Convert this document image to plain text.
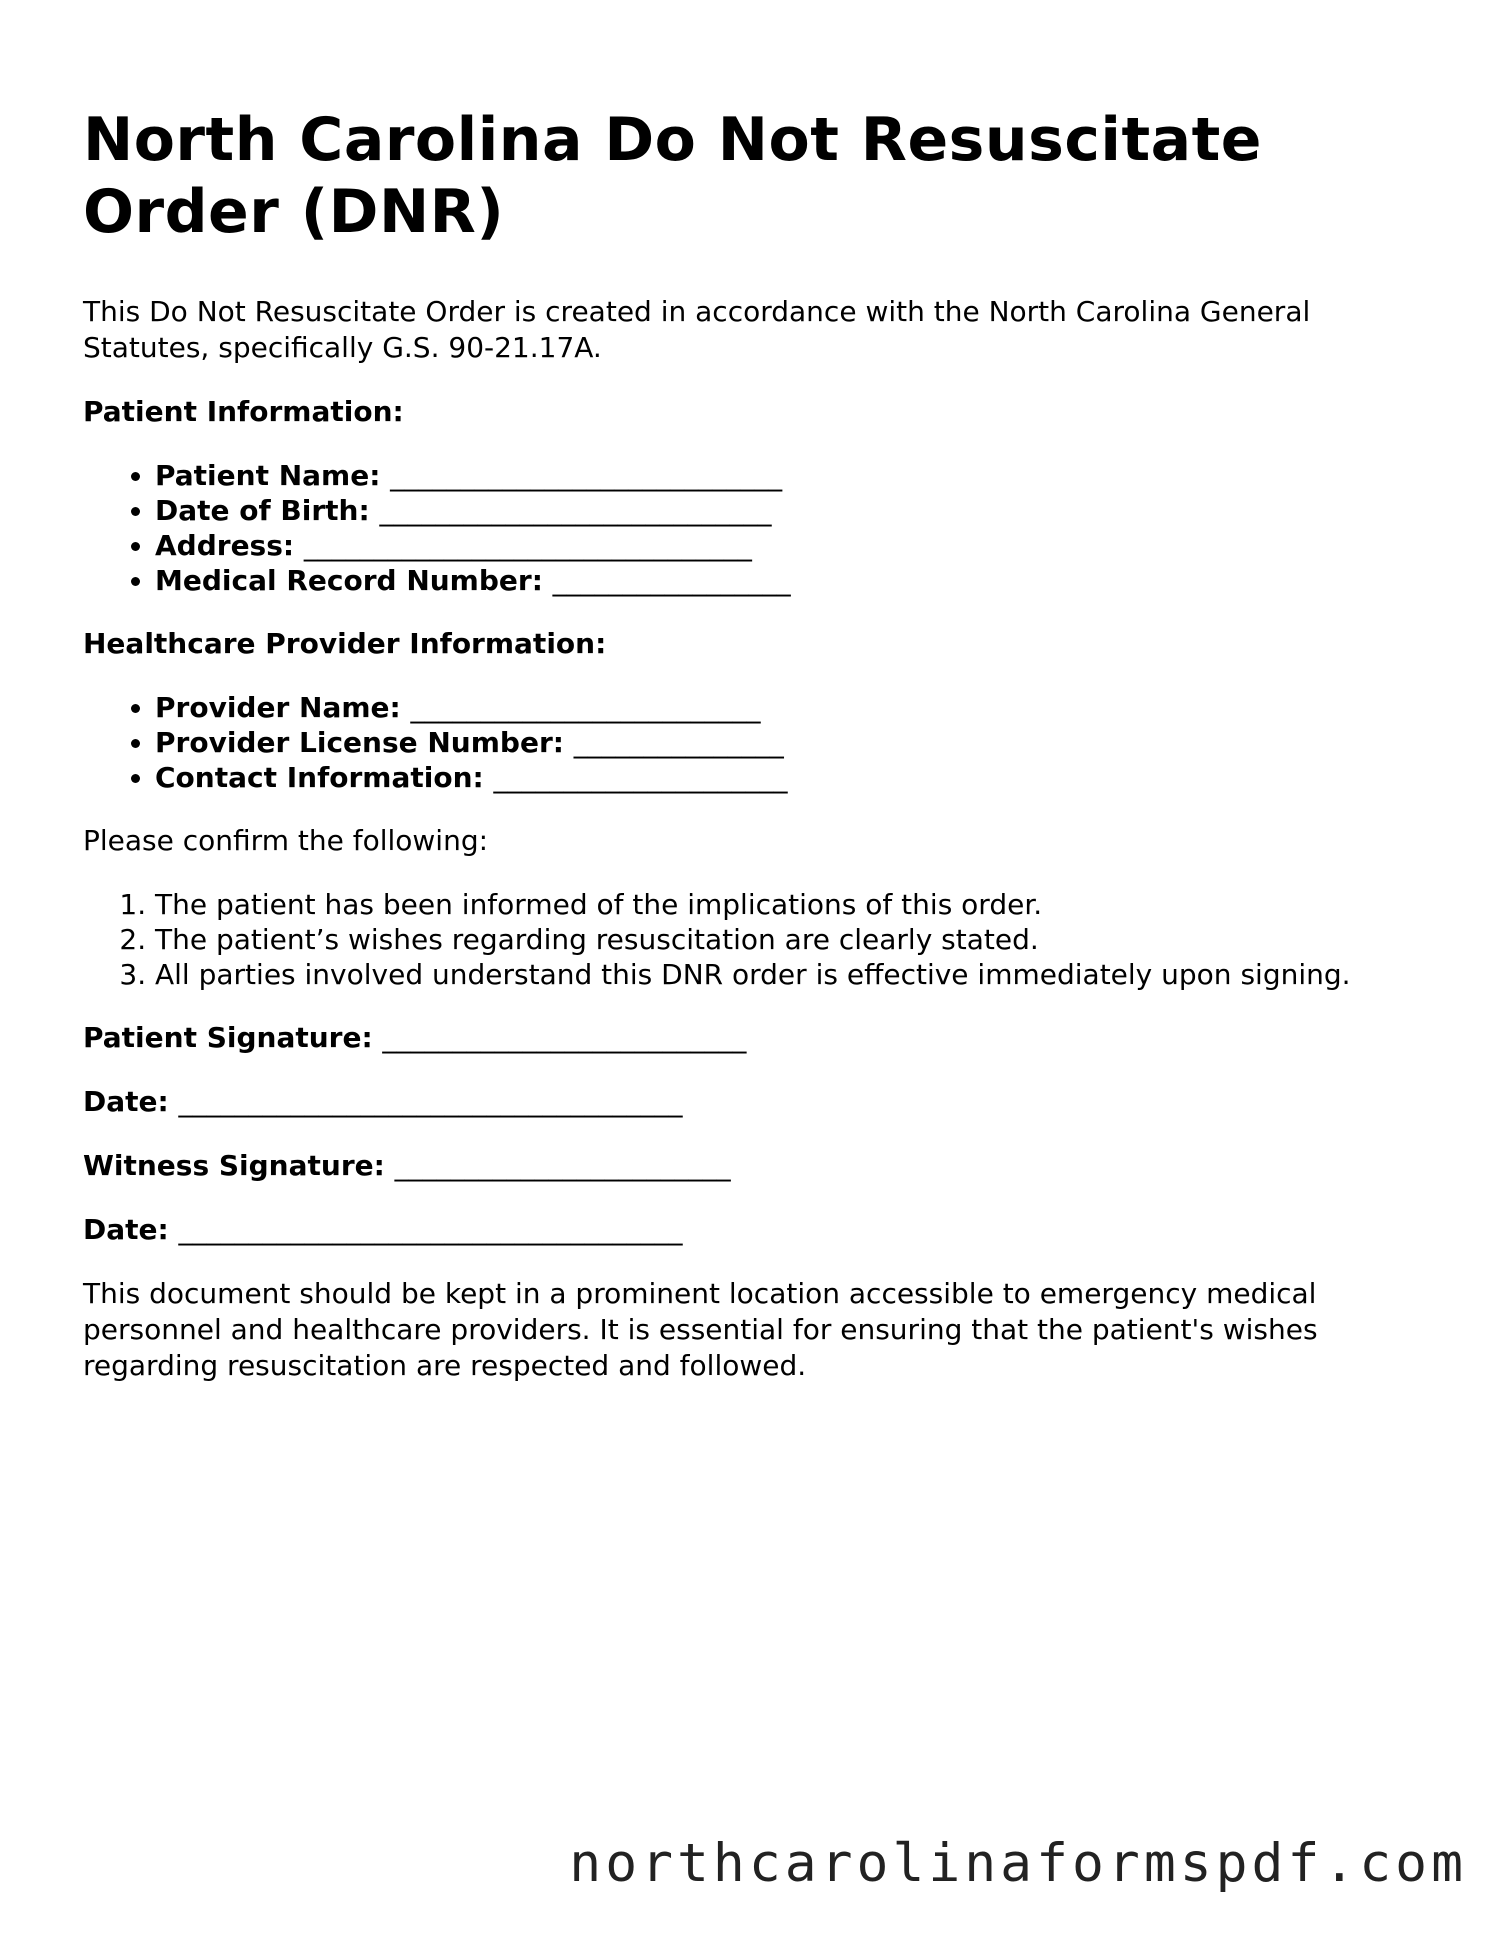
North Carolina Do Not Resuscitate Order (DNR)

This Do Not Resuscitate Order is created in accordance with the North Carolina General Statutes, specifically G.S. 90-21.17A.

Patient Information:
• Patient Name: ____________________________
• Date of Birth: ____________________________
• Address: ________________________________
• Medical Record Number: _________________
Healthcare Provider Information:
• Provider Name: _________________________
• Provider License Number: _______________
• Contact Information: _____________________

Please confirm the following:

1. The patient has been informed of the implications of this order.
2. The patient’s wishes regarding resuscitation are clearly stated.
3. All parties involved understand this DNR order is effective immediately upon signing.
Patient Signature: __________________________
Date: ____________________________________
Witness Signature: ________________________
Date: ____________________________________

This document should be kept in a prominent location accessible to emergency medical personnel and healthcare providers. It is essential for ensuring that the patient's wishes regarding resuscitation are respected and followed.

northcarolinaformspdf.com
